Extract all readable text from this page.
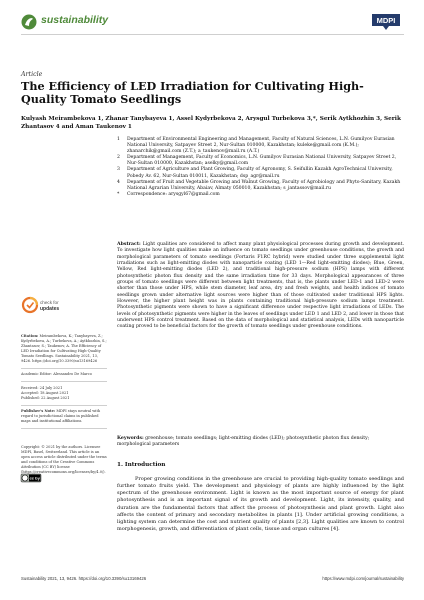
sustainability	MDPI
Article
The Efficiency of LED Irradiation for Cultivating High-Quality Tomato Seedlings
Kulyash Meirambekova 1, Zhanar Tanybayeva 1, Assel Kydyrbekova 2, Arysgul Turbekova 3,*, Serik Aytkhozhin 3, Serik Zhantasov 4 and Aman Taukenov 1
1	Department of Environmental Engineering and Management, Faculty of Natural Sciences, L.N. Gumilyov Eurasian National University, Satpayev Street 2, Nur-Sultan 010000, Kazakhstan; kuleke@gmail.com (K.M.); zhanarchik@gmail.com (Z.T.); a_taukenov@mail.ru (A.T.)
2	Department of Management, Faculty of Economics, L.N. Gumilyov Eurasian National University, Satpayev Street 2, Nur-Sultan 010000, Kazakhstan; aselky@gmail.com
3	Department of Agriculture and Plant Growing, Faculty of Agronomy, S. Seifullin Kazakh AgroTechnical University, Pobedy Av. 62, Nur-Sultan 010011, Kazakhstan; dsp_agr@mail.ru
4	Department of Fruit and Vegetable Growing and Walnut Growing, Faculty of Agrobiology and Phyto-Sanitary, Kazakh National Agrarian University, Abaiav, Almaty 050010, Kazakhstan; s_jantassov@mail.ru
*	Correspondence: arysgyl67@gmail.com
Abstract: Light qualities are considered to affect many plant physiological processes during growth and development. To investigate how light qualities make an influence on tomato seedlings under greenhouse conditions, the growth and morphological parameters of tomato seedlings (Fortaris F1RC hybrid) were studied under three supplemental light irradiations such as light-emitting diodes with nanoparticle coating (LED 1—Red light-emitting diodes); Blue, Green, Yellow, Red light-emitting diodes (LED 2), and traditional high-pressure sodium (HPS) lamps with different photosynthetic photon flux density and the same irradiation time for 33 days. Morphological appearances of three groups of tomato seedlings were different between light treatments, that is, the plants under LED-1 and LED-2 were shorter than those under HPS, while stem diameter, leaf area, dry and fresh weights, and health indices of tomato seedlings grown under alternative light sources were higher than of those cultivated under traditional HPS lights. However, the higher plant height was in plants containing traditional high-pressure sodium lamps treatment. Photosynthetic pigments were shown to have a significant difference under respective light irradiations of LEDs. The levels of photosynthetic pigments were higher in the leaves of seedlings under LED 1 and LED 2, and lower in those that underwent HPS control treatment. Based on the data of morphological and statistical analysis, LEDs with nanoparticle coating proved to be beneficial factors for the growth of tomato seedlings under greenhouse conditions.
Keywords: greenhouse; tomato seedlings; light-emitting diodes (LED); photosynthetic photon flux density; morphological parameters
check for
updates

Citation: Meirambekova, K.; Tanybayeva, Z.; Kydyrbekova, A.; Turbekova, A.; Aytkhozhin, S.; Zhantasov, S.; Taukenov, A. The Efficiency of LED Irradiation for Cultivating High-Quality Tomato Seedlings. Sustainability 2021, 13, 9426. https://doi.org/10.3390/su13169426

Academic Editor: Alessandro De Marco

Received: 24 July 2021

Accepted: 18 August 2021

Published: 22 August 2021

Publisher's Note: MDPI stays neutral with regard to jurisdictional claims in published maps and institutional affiliations.

Copyright: © 2021 by the authors. Licensee MDPI, Basel, Switzerland. This article is an open access article distributed under the terms and conditions of the Creative Commons Attribution (CC BY) license (https://creativecommons.org/licenses/by/4.0/).

cc by
1. Introduction
Proper growing conditions in the greenhouse are crucial to providing high-quality tomato seedlings and further tomato fruits yield. The development and physiology of plants are highly influenced by the light spectrum of the greenhouse environment. Light is known as the most important source of energy for plant photosynthesis and is an important signal of its growth and development. Light, its intensity, quality, and duration are the fundamental factors that affect the process of photosynthesis and plant growth. Light also affects the content of primary and secondary metabolites in plants [1]. Under artificial growing conditions, a lighting system can determine the cost and nutrient quality of plants [2,3]. Light qualities are known to control morphogenesis, growth, and differentiation of plant cells, tissue and organ cultures [4].
Sustainability 2021, 13, 9426. https://doi.org/10.3390/su13169426	https://www.mdpi.com/journal/sustainability
